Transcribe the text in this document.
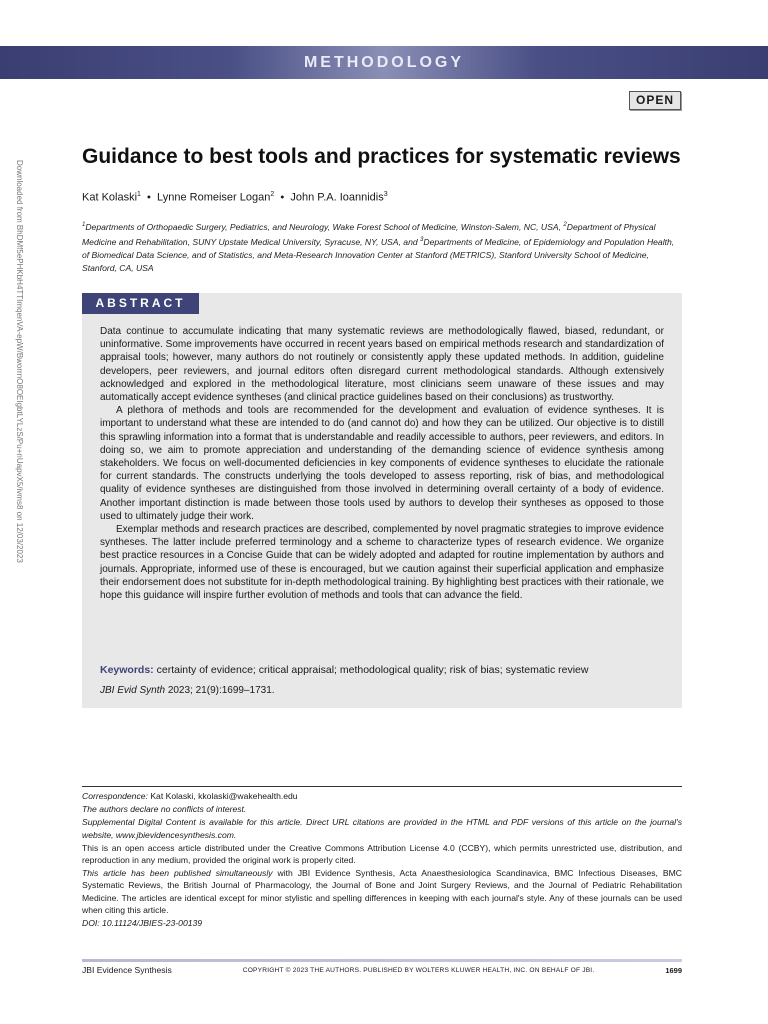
METHODOLOGY
OPEN
Downloaded from BhDMf5ePHKbH4TTImqenVA-epW/BworrnO8OEIgbtLYLzS/Pu+nUapvX5/ivms8 on 12/03/2023
Guidance to best tools and practices for systematic reviews
Kat Kolaski$^1$  •  Lynne Romeiser Logan$^2$  •  John P.A. Ioannidis$^3$
$^1$Departments of Orthopaedic Surgery, Pediatrics, and Neurology, Wake Forest School of Medicine, Winston-Salem, NC, USA, $^2$Department of Physical Medicine and Rehabilitation, SUNY Upstate Medical University, Syracuse, NY, USA, and $^3$Departments of Medicine, of Epidemiology and Population Health, of Biomedical Data Science, and of Statistics, and Meta-Research Innovation Center at Stanford (METRICS), Stanford University School of Medicine, Stanford, CA, USA
ABSTRACT

Data continue to accumulate indicating that many systematic reviews are methodologically flawed, biased, redundant, or uninformative. Some improvements have occurred in recent years based on empirical methods research and standardization of appraisal tools; however, many authors do not routinely or consistently apply these updated methods. In addition, guideline developers, peer reviewers, and journal editors often disregard current methodological standards. Although extensively acknowledged and explored in the methodological literature, most clinicians seem unaware of these issues and may automatically accept evidence syntheses (and clinical practice guidelines based on their conclusions) as trustworthy.

A plethora of methods and tools are recommended for the development and evaluation of evidence syntheses. It is important to understand what these are intended to do (and cannot do) and how they can be utilized. Our objective is to distill this sprawling information into a format that is understandable and readily accessible to authors, peer reviewers, and editors. In doing so, we aim to promote appreciation and understanding of the demanding science of evidence synthesis among stakeholders. We focus on well-documented deficiencies in key components of evidence syntheses to elucidate the rationale for current standards. The constructs underlying the tools developed to assess reporting, risk of bias, and methodological quality of evidence syntheses are distinguished from those involved in determining overall certainty of a body of evidence. Another important distinction is made between those tools used by authors to develop their syntheses as opposed to those used to ultimately judge their work.

Exemplar methods and research practices are described, complemented by novel pragmatic strategies to improve evidence syntheses. The latter include preferred terminology and a scheme to characterize types of research evidence. We organize best practice resources in a Concise Guide that can be widely adopted and adapted for routine implementation by authors and journals. Appropriate, informed use of these is encouraged, but we caution against their superficial application and emphasize their endorsement does not substitute for in-depth methodological training. By highlighting best practices with their rationale, we hope this guidance will inspire further evolution of methods and tools that can advance the field.

Keywords: certainty of evidence; critical appraisal; methodological quality; risk of bias; systematic review
JBI Evid Synth 2023; 21(9):1699–1731.

Correspondence: Kat Kolaski, kkolaski@wakehealth.edu

The authors declare no conflicts of interest.

Supplemental Digital Content is available for this article. Direct URL citations are provided in the HTML and PDF versions of this article on the journal's website, www.jbievidencesynthesis.com.

This is an open access article distributed under the Creative Commons Attribution License 4.0 (CCBY), which permits unrestricted use, distribution, and reproduction in any medium, provided the original work is properly cited.

This article has been published simultaneously with JBI Evidence Synthesis, Acta Anaesthesiologica Scandinavica, BMC Infectious Diseases, BMC Systematic Reviews, the British Journal of Pharmacology, the Journal of Bone and Joint Surgery Reviews, and the Journal of Pediatric Rehabilitation Medicine. The articles are identical except for minor stylistic and spelling differences in keeping with each journal's style. Any of these journals can be used when citing this article.

DOI: 10.11124/JBIES-23-00139

JBI Evidence Synthesis	COPYRIGHT © 2023 THE AUTHORS. PUBLISHED BY WOLTERS KLUWER HEALTH, INC. ON BEHALF OF JBI.	1699
